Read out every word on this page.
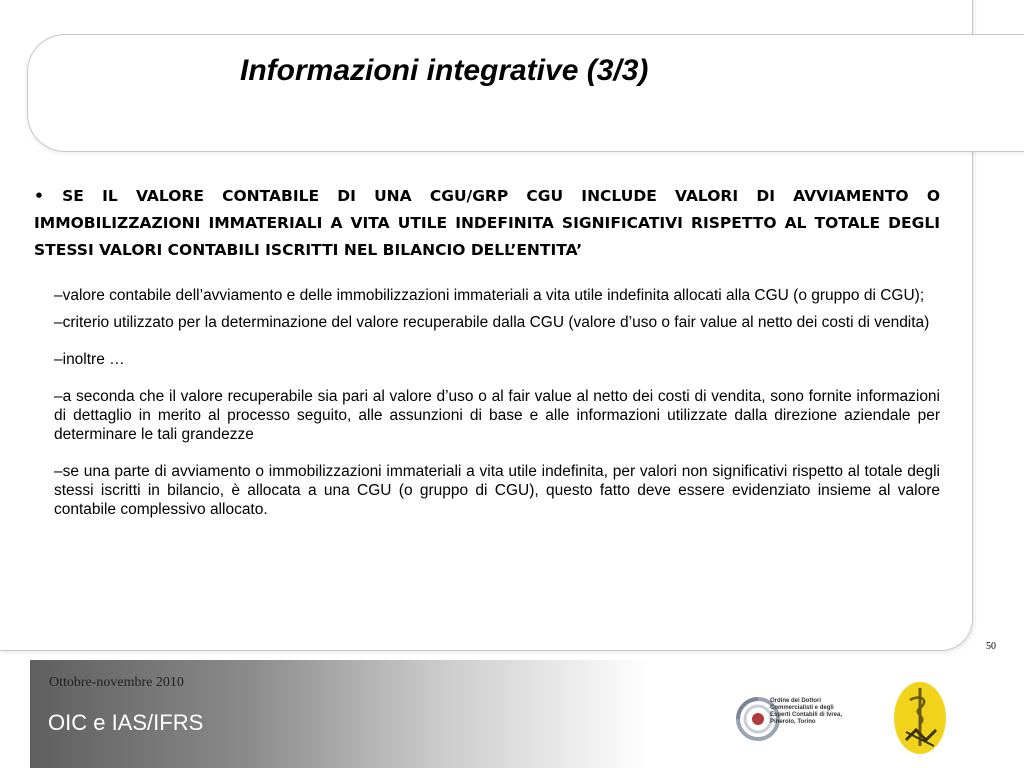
Informazioni integrative (3/3)

• SE IL VALORE CONTABILE DI UNA CGU/GRP CGU INCLUDE VALORI DI AVVIAMENTO O IMMOBILIZZAZIONI IMMATERIALI A VITA UTILE INDEFINITA SIGNIFICATIVI RISPETTO AL TOTALE DEGLI STESSI VALORI CONTABILI ISCRITTI NEL BILANCIO DELL’ENTITA’

–valore contabile dell’avviamento e delle immobilizzazioni immateriali a vita utile indefinita allocati alla CGU (o gruppo di CGU);
–criterio utilizzato per la determinazione del valore recuperabile dalla CGU (valore d’uso o fair value al netto dei costi di vendita)
–inoltre …
–a seconda che il valore recuperabile sia pari al valore d’uso o al fair value al netto dei costi di vendita, sono fornite informazioni di dettaglio in merito al processo seguito, alle assunzioni di base e alle informazioni utilizzate dalla direzione aziendale per determinare le tali grandezze
–se una parte di avviamento o immobilizzazioni immateriali a vita utile indefinita, per valori non significativi rispetto al totale degli stessi iscritti in bilancio, è allocata a una CGU (o gruppo di CGU), questo fatto deve essere evidenziato insieme al valore contabile complessivo allocato.
50
Ottobre-novembre 2010
OIC e IAS/IFRS
Ordine dei Dottori Commercialisti e degli Esperti Contabili di Ivrea, Pinerolo, Torino
